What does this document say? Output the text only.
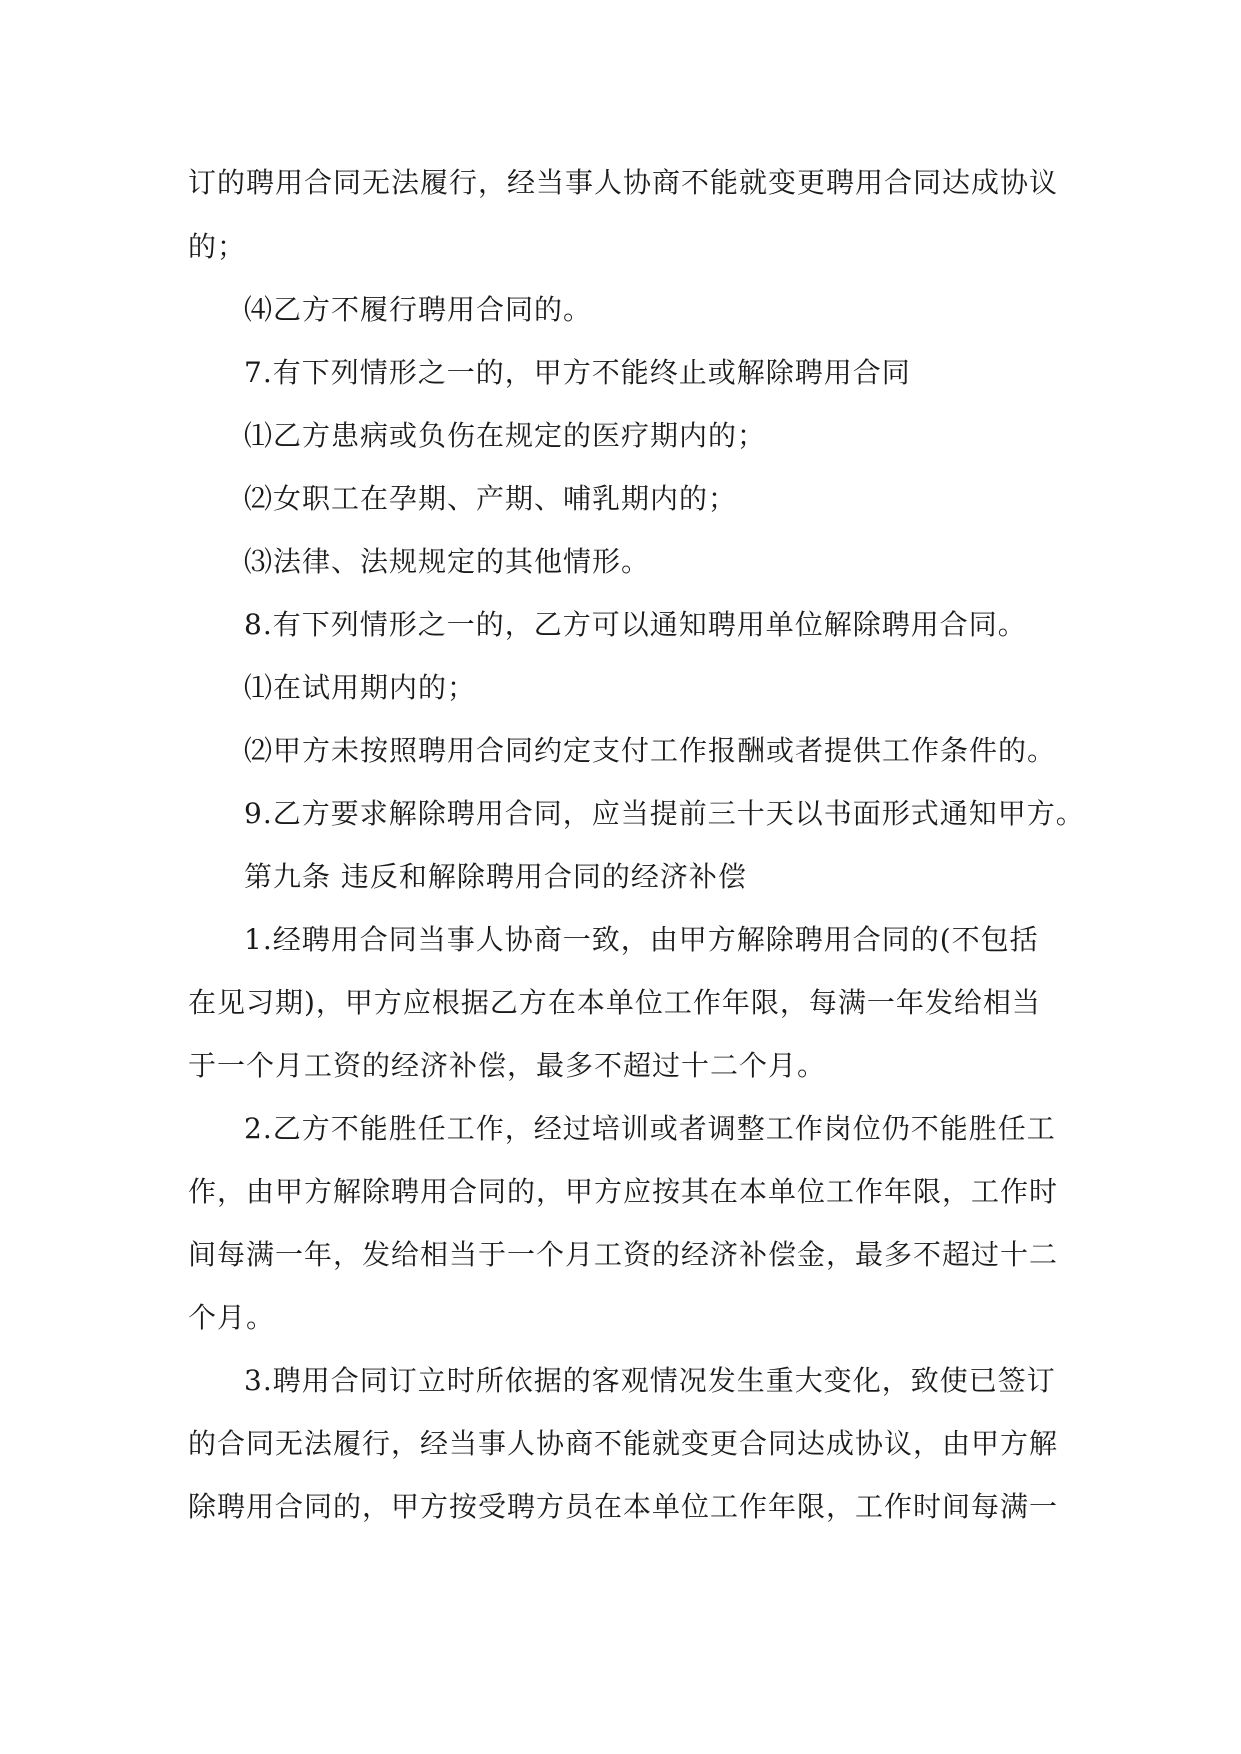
订的聘用合同无法履行，经当事人协商不能就变更聘用合同达成协议

的；

⑷乙方不履行聘用合同的。

7.有下列情形之一的，甲方不能终止或解除聘用合同

⑴乙方患病或负伤在规定的医疗期内的；

⑵女职工在孕期、产期、哺乳期内的；

⑶法律、法规规定的其他情形。

8.有下列情形之一的，乙方可以通知聘用单位解除聘用合同。

⑴在试用期内的；

⑵甲方未按照聘用合同约定支付工作报酬或者提供工作条件的。

9.乙方要求解除聘用合同，应当提前三十天以书面形式通知甲方。

第九条 违反和解除聘用合同的经济补偿

1.经聘用合同当事人协商一致，由甲方解除聘用合同的(不包括

在见习期)，甲方应根据乙方在本单位工作年限，每满一年发给相当

于一个月工资的经济补偿，最多不超过十二个月。

2.乙方不能胜任工作，经过培训或者调整工作岗位仍不能胜任工

作，由甲方解除聘用合同的，甲方应按其在本单位工作年限，工作时

间每满一年，发给相当于一个月工资的经济补偿金，最多不超过十二

个月。

3.聘用合同订立时所依据的客观情况发生重大变化，致使已签订

的合同无法履行，经当事人协商不能就变更合同达成协议，由甲方解

除聘用合同的，甲方按受聘方员在本单位工作年限，工作时间每满一
